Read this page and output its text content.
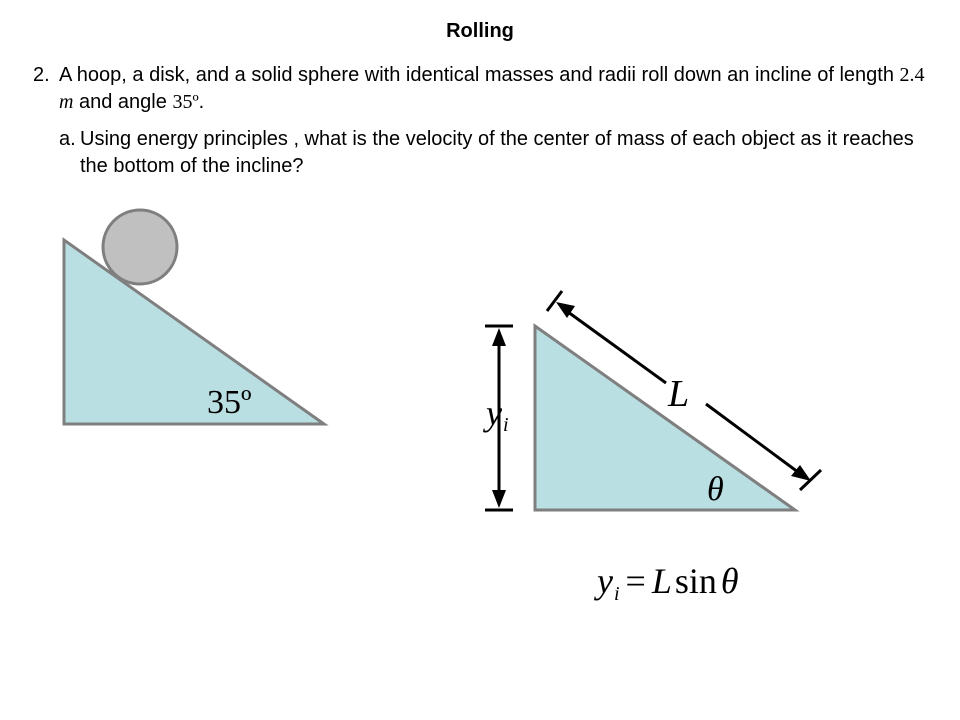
Rolling
2. A hoop, a disk, and a solid sphere with identical masses and radii roll down an incline of length 2.4 m and angle 35º.
a. Using energy principles , what is the velocity of the center of mass of each object as it reaches the bottom of the incline?
35º	yi
L
θ
yi = Lsin θ
